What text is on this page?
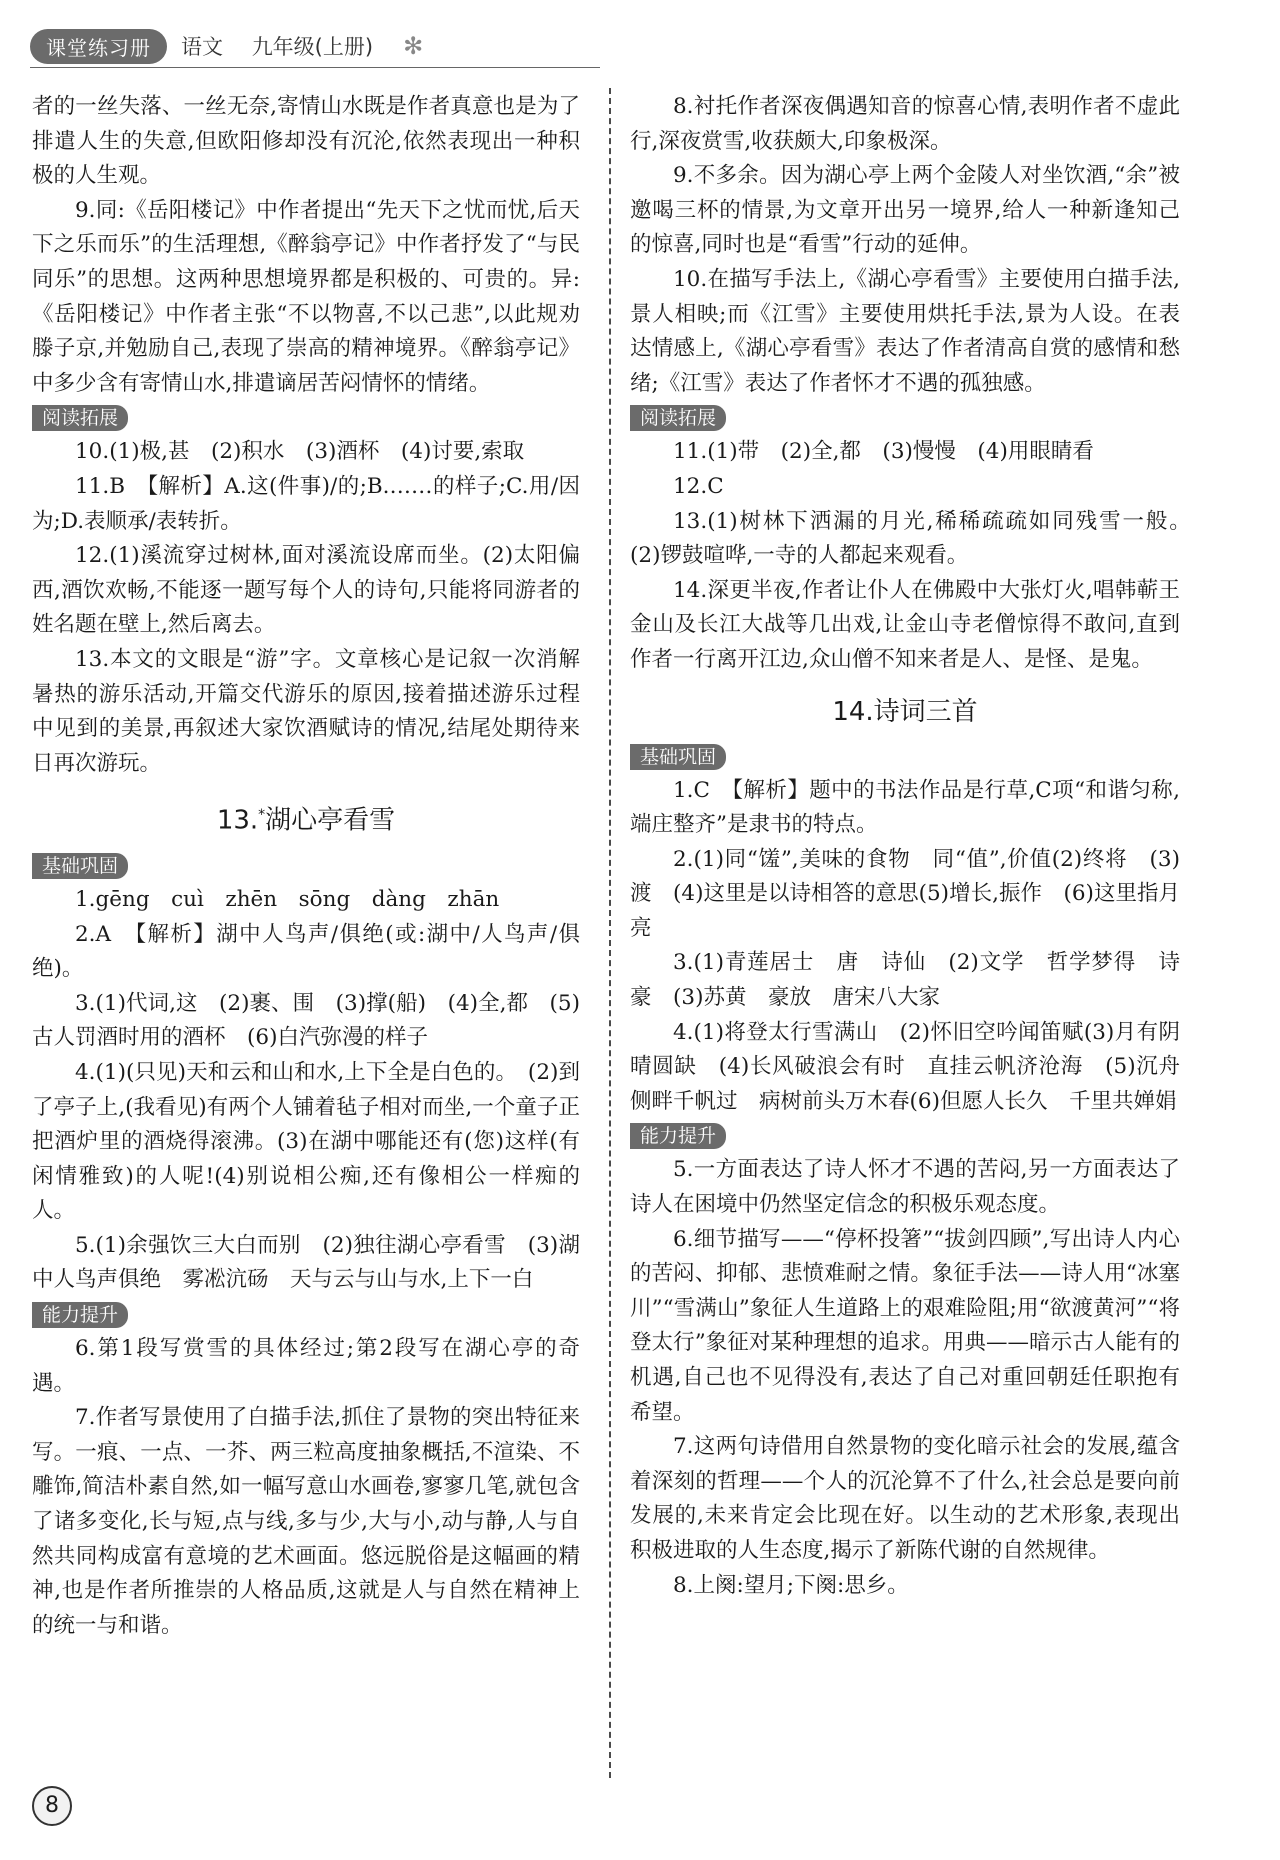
课堂练习册	语文 九年级(上册)	✻

者的一丝失落、一丝无奈,寄情山水既是作者真意也是为了排遣人生的失意,但欧阳修却没有沉沦,依然表现出一种积极的人生观。

9.同:《岳阳楼记》中作者提出“先天下之忧而忧,后天下之乐而乐”的生活理想,《醉翁亭记》中作者抒发了“与民同乐”的思想。这两种思想境界都是积极的、可贵的。异:《岳阳楼记》中作者主张“不以物喜,不以己悲”,以此规劝滕子京,并勉励自己,表现了崇高的精神境界。《醉翁亭记》中多少含有寄情山水,排遣谪居苦闷情怀的情绪。

阅读拓展

10.(1)极,甚　(2)积水　(3)酒杯　(4)讨要,索取

11.B　【解析】A.这(件事)/的;B.……的样子;C.用/因为;D.表顺承/表转折。

12.(1)溪流穿过树林,面对溪流设席而坐。(2)太阳偏西,酒饮欢畅,不能逐一题写每个人的诗句,只能将同游者的姓名题在壁上,然后离去。

13.本文的文眼是“游”字。文章核心是记叙一次消解暑热的游乐活动,开篇交代游乐的原因,接着描述游乐过程中见到的美景,再叙述大家饮酒赋诗的情况,结尾处期待来日再次游玩。

13.*湖心亭看雪
基础巩固

1.gēng　cuì　zhēn　sōng　dàng　zhān

2.A　【解析】湖中人鸟声/俱绝(或:湖中/人鸟声/俱绝)。

3.(1)代词,这　(2)裹、围　(3)撑(船)　(4)全,都　(5)古人罚酒时用的酒杯　(6)白汽弥漫的样子

4.(1)(只见)天和云和山和水,上下全是白色的。　(2)到了亭子上,(我看见)有两个人铺着毡子相对而坐,一个童子正把酒炉里的酒烧得滚沸。(3)在湖中哪能还有(您)这样(有闲情雅致)的人呢!(4)别说相公痴,还有像相公一样痴的人。

5.(1)余强饮三大白而别　(2)独往湖心亭看雪　(3)湖中人鸟声俱绝　雾凇沆砀　天与云与山与水,上下一白

能力提升

6.第1段写赏雪的具体经过;第2段写在湖心亭的奇遇。

7.作者写景使用了白描手法,抓住了景物的突出特征来写。一痕、一点、一芥、两三粒高度抽象概括,不渲染、不雕饰,简洁朴素自然,如一幅写意山水画卷,寥寥几笔,就包含了诸多变化,长与短,点与线,多与少,大与小,动与静,人与自然共同构成富有意境的艺术画面。悠远脱俗是这幅画的精神,也是作者所推崇的人格品质,这就是人与自然在精神上的统一与和谐。

8.衬托作者深夜偶遇知音的惊喜心情,表明作者不虚此行,深夜赏雪,收获颇大,印象极深。

9.不多余。因为湖心亭上两个金陵人对坐饮酒,“余”被邀喝三杯的情景,为文章开出另一境界,给人一种新逢知己的惊喜,同时也是“看雪”行动的延伸。

10.在描写手法上,《湖心亭看雪》主要使用白描手法,景人相映;而《江雪》主要使用烘托手法,景为人设。在表达情感上,《湖心亭看雪》表达了作者清高自赏的感情和愁绪;《江雪》表达了作者怀才不遇的孤独感。

阅读拓展

11.(1)带　(2)全,都　(3)慢慢　(4)用眼睛看

12.C

13.(1)树林下洒漏的月光,稀稀疏疏如同残雪一般。　(2)锣鼓喧哗,一寺的人都起来观看。

14.深更半夜,作者让仆人在佛殿中大张灯火,唱韩蕲王金山及长江大战等几出戏,让金山寺老僧惊得不敢问,直到作者一行离开江边,众山僧不知来者是人、是怪、是鬼。

14.诗词三首
基础巩固

1.C　【解析】题中的书法作品是行草,C项“和谐匀称,端庄整齐”是隶书的特点。

2.(1)同“馐”,美味的食物　同“值”,价值(2)终将　(3)渡　(4)这里是以诗相答的意思(5)增长,振作　(6)这里指月亮

3.(1)青莲居士　唐　诗仙　(2)文学　哲学梦得　诗豪　(3)苏黄　豪放　唐宋八大家

4.(1)将登太行雪满山　(2)怀旧空吟闻笛赋(3)月有阴晴圆缺　(4)长风破浪会有时　直挂云帆济沧海　(5)沉舟侧畔千帆过　病树前头万木春(6)但愿人长久　千里共婵娟

能力提升

5.一方面表达了诗人怀才不遇的苦闷,另一方面表达了诗人在困境中仍然坚定信念的积极乐观态度。

6.细节描写——“停杯投箸”“拔剑四顾”,写出诗人内心的苦闷、抑郁、悲愤难耐之情。象征手法——诗人用“冰塞川”“雪满山”象征人生道路上的艰难险阻;用“欲渡黄河”“将登太行”象征对某种理想的追求。用典——暗示古人能有的机遇,自己也不见得没有,表达了自己对重回朝廷任职抱有希望。

7.这两句诗借用自然景物的变化暗示社会的发展,蕴含着深刻的哲理——个人的沉沦算不了什么,社会总是要向前发展的,未来肯定会比现在好。以生动的艺术形象,表现出积极进取的人生态度,揭示了新陈代谢的自然规律。

8.上阕:望月;下阕:思乡。

8
